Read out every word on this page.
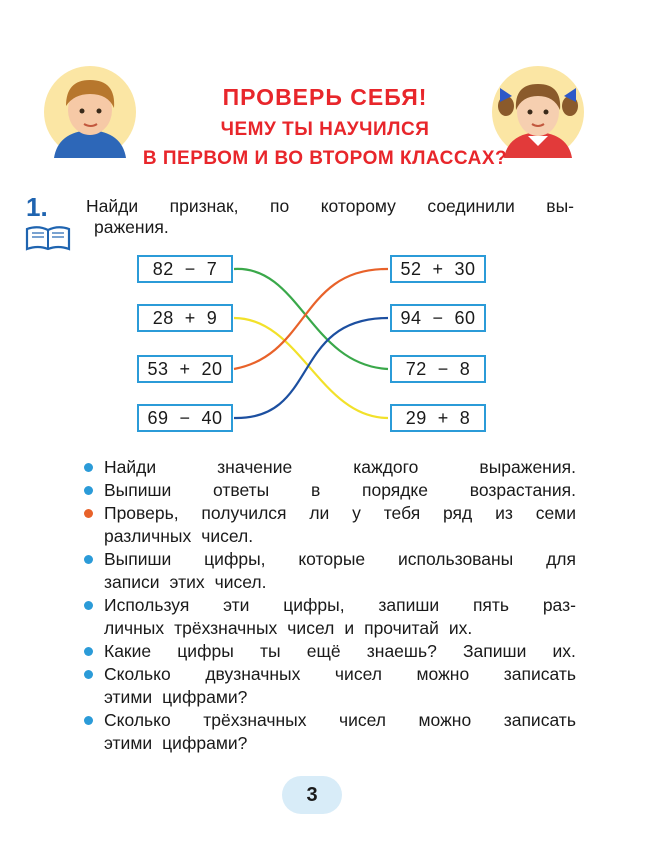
ПРОВЕРЬ СЕБЯ!
ЧЕМУ ТЫ НАУЧИЛСЯ
В ПЕРВОМ И ВО ВТОРОМ КЛАССАХ?
1. Найди признак, по которому соединили вы-
ражения.
82  −  7
28  +  9
53  +  20
69  −  40
52  +  30
94  −  60
72  −  8
29  +  8
Найди	значение	каждого	выражения.
Выпиши ответы в порядке возрастания.
Проверь, получился ли у тебя ряд из семи
различных чисел.
Выпиши цифры, которые использованы для
записи этих чисел.
Используя эти цифры, запиши пять раз-
личных трёхзначных чисел и прочитай их.
Какие цифры ты ещё знаешь? Запиши их.
Сколько двузначных чисел можно записать
этими цифрами?
Сколько трёхзначных чисел можно записать
этими цифрами?
3
